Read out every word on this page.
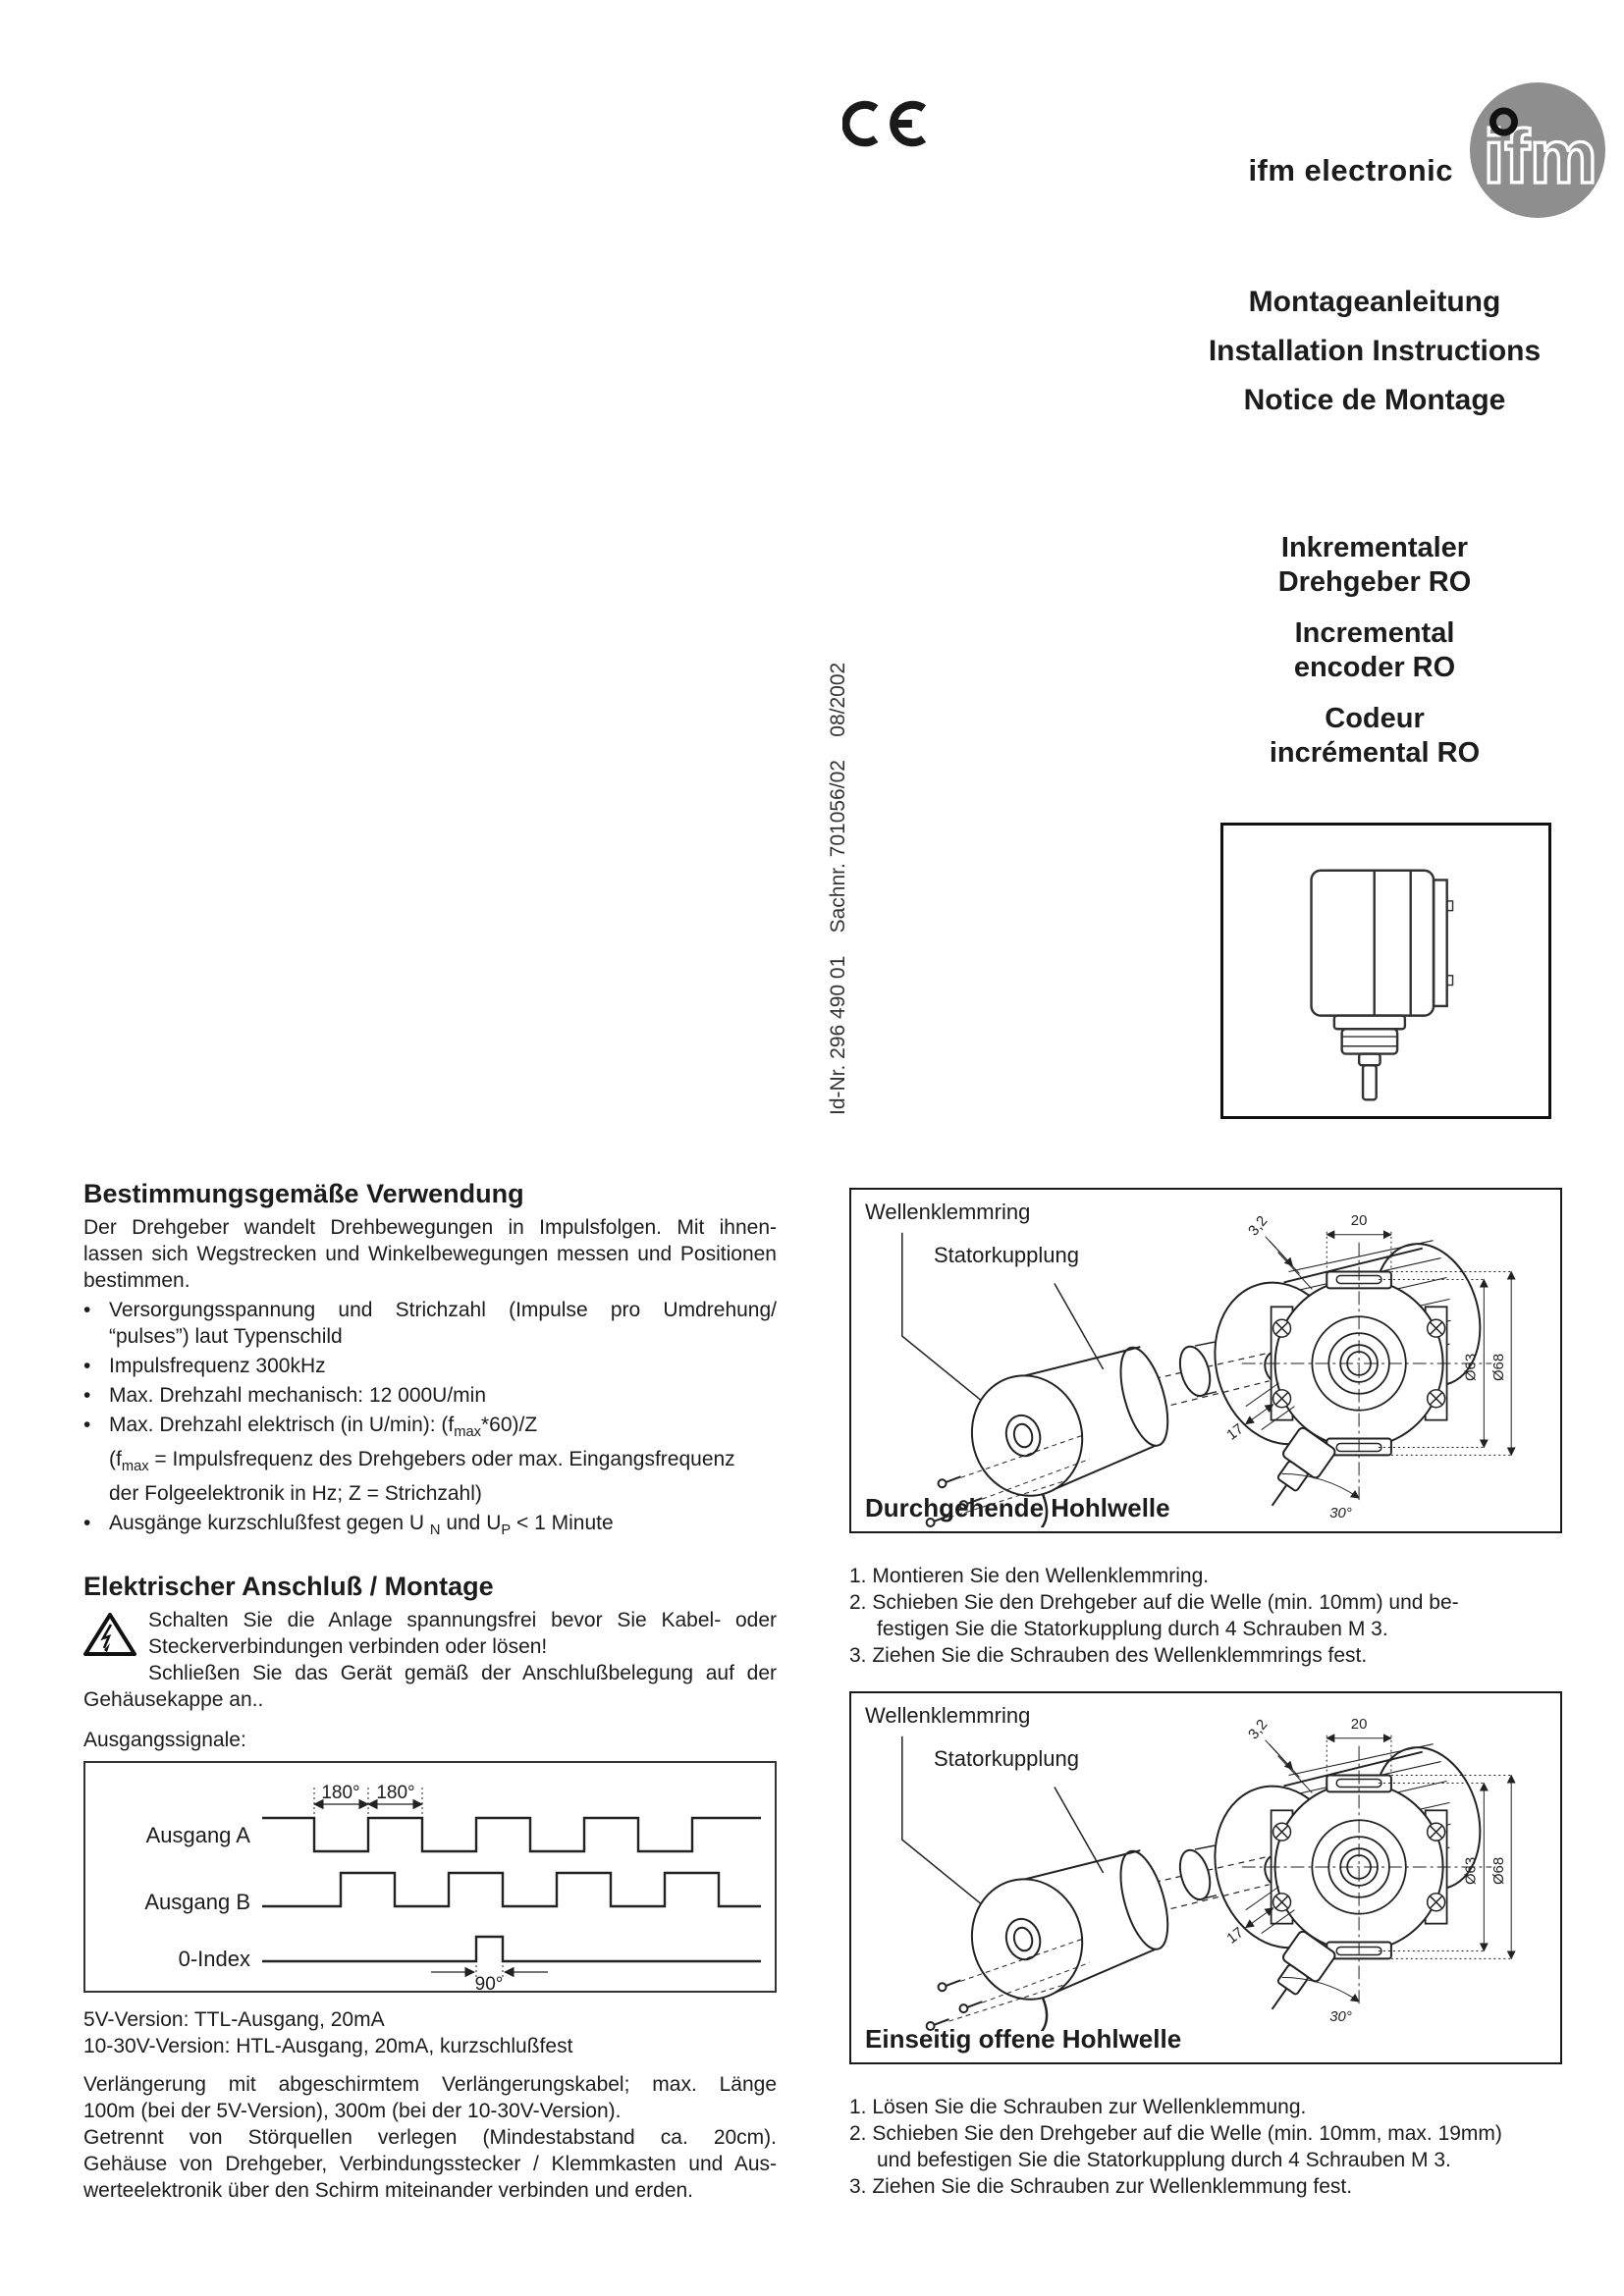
ifm electronic ifm
Montageanleitung
Installation Instructions
Notice de Montage
Inkrementaler
Drehgeber RO
Incremental
encoder RO
Codeur
incrémental RO
Id-Nr. 296 490 01    Sachnr. 701056/02    08/2002
Bestimmungsgemäße Verwendung
Der Drehgeber wandelt Drehbewegungen in Impulsfolgen. Mit ihnen-
lassen sich Wegstrecken und Winkelbewegungen messen und Positionen
bestimmen.
• Versorgungsspannung und Strichzahl (Impulse pro Umdrehung/
“pulses”) laut Typenschild
• Impulsfrequenz 300kHz
• Max. Drehzahl mechanisch: 12 000U/min
• Max. Drehzahl elektrisch (in U/min): $(f_{max}*60)/Z$
($f_{max}$ = Impulsfrequenz des Drehgebers oder max. Eingangsfrequenz
der Folgeelektronik in Hz; Z = Strichzahl)
• Ausgänge kurzschlußfest gegen U $_N$ und $U_P < 1$ Minute
Elektrischer Anschluß / Montage
Schalten Sie die Anlage spannungsfrei bevor Sie Kabel- oder
Steckerverbindungen verbinden oder lösen!
Schließen Sie das Gerät gemäß der Anschlußbelegung auf der
Gehäusekappe an..
Ausgangssignale:
Ausgang A
Ausgang B
0-Index
180° 180°
90°
5V-Version: TTL-Ausgang, 20mA
10-30V-Version: HTL-Ausgang, 20mA, kurzschlußfest
Verlängerung mit abgeschirmtem Verlängerungskabel; max. Länge
100m (bei der 5V-Version), 300m (bei der 10-30V-Version).
Getrennt von Störquellen verlegen (Mindestabstand ca. 20cm).
Gehäuse von Drehgeber, Verbindungsstecker / Klemmkasten und Aus-
werteelektronik über den Schirm miteinander verbinden und erden.
20
3,2
Ø63 Ø68
17
30°
Wellenklemmring
Statorkupplung
Durchgehende Hohlwelle
1. Montieren Sie den Wellenklemmring.
2. Schieben Sie den Drehgeber auf die Welle (min. 10mm) und be-
festigen Sie die Statorkupplung durch 4 Schrauben M 3.
3. Ziehen Sie die Schrauben des Wellenklemmrings fest.
20
3,2
Ø63 Ø68
17
30°
Wellenklemmring
Statorkupplung
Einseitig offene Hohlwelle
1. Lösen Sie die Schrauben zur Wellenklemmung.
2. Schieben Sie den Drehgeber auf die Welle (min. 10mm, max. 19mm)
und befestigen Sie die Statorkupplung durch 4 Schrauben M 3.
3. Ziehen Sie die Schrauben zur Wellenklemmung fest.
